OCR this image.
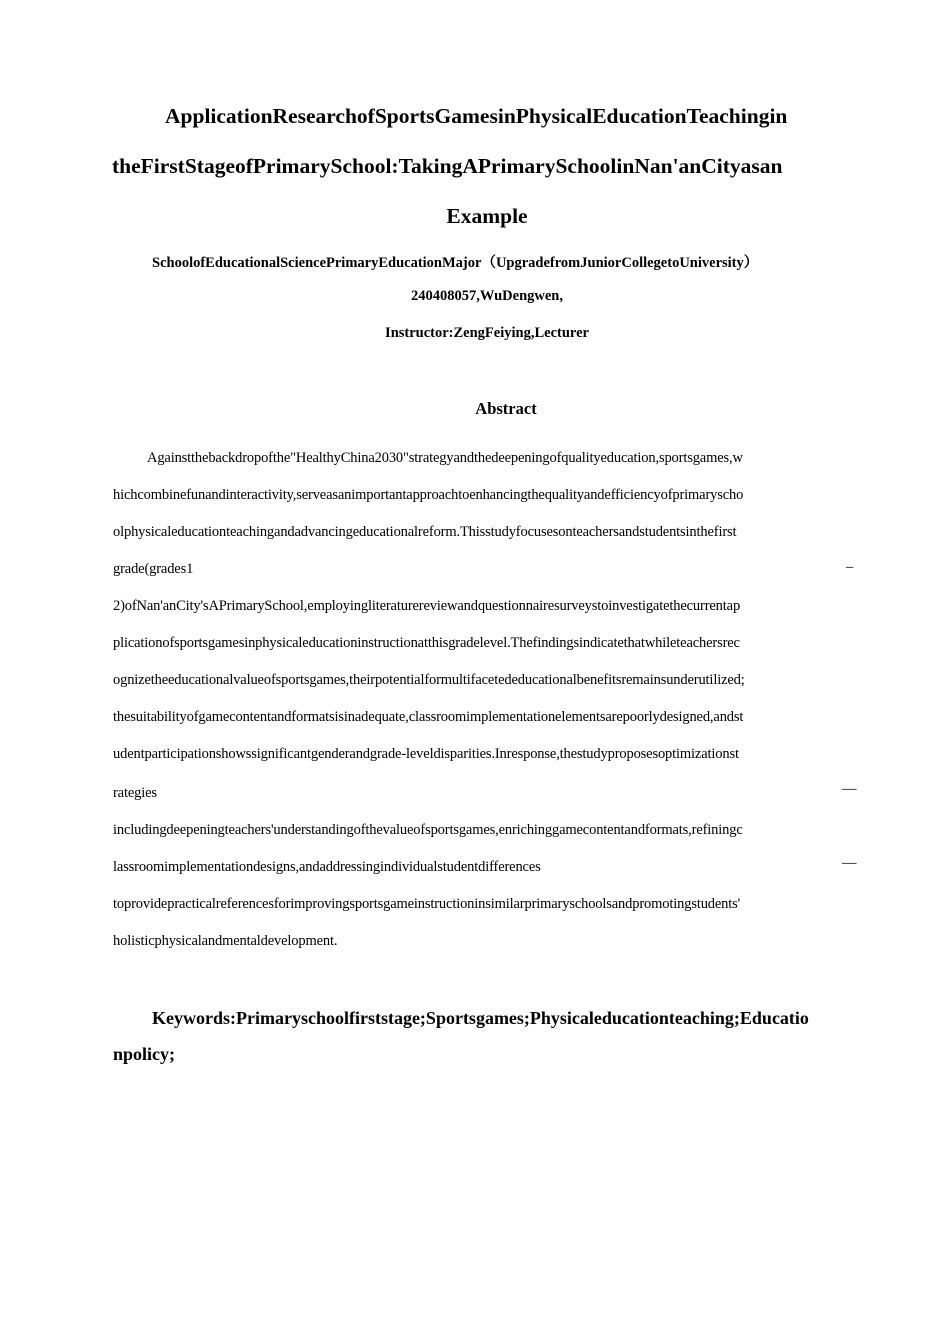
ApplicationResearchofSportsGamesinPhysicalEducationTeachingin
theFirstStageofPrimarySchool:TakingAPrimarySchoolinNan'anCityasan
Example
SchoolofEducationalSciencePrimaryEducationMajor（UpgradefromJuniorCollegetoUniversity）
240408057,WuDengwen,
Instructor:ZengFeiying,Lecturer
Abstract
Againstthebackdropofthe"HealthyChina2030"strategyandthedeepeningofqualityeducation,sportsgames,w
hichcombinefunandinteractivity,serveasanimportantapproachtoenhancingthequalityandefficiencyofprimaryscho
olphysicaleducationteachingandadvancingeducationalreform.Thisstudyfocusesonteachersandstudentsinthefirst
grade(grades1	–
2)ofNan'anCity'sAPrimarySchool,employingliteraturereviewandquestionnairesurveystoinvestigatethecurrentap
plicationofsportsgamesinphysicaleducationinstructionatthisgradelevel.Thefindingsindicatethatwhileteachersrec
ognizetheeducationalvalueofsportsgames,theirpotentialformultifacetededucationalbenefitsremainsunderutilized;
thesuitabilityofgamecontentandformatsisinadequate,classroomimplementationelementsarepoorlydesigned,andst
udentparticipationshowssignificantgenderandgrade-leveldisparities.Inresponse,thestudyproposesoptimizationst
rategies	—
includingdeepeningteachers'understandingofthevalueofsportsgames,enrichinggamecontentandformats,refiningc
lassroomimplementationdesigns,andaddressingindividualstudentdifferences	—
toprovidepracticalreferencesforimprovingsportsgameinstructioninsimilarprimaryschoolsandpromotingstudents'
holisticphysicalandmentaldevelopment.
Keywords:Primaryschoolfirststage;Sportsgames;Physicaleducationteaching;Educatio
npolicy;
